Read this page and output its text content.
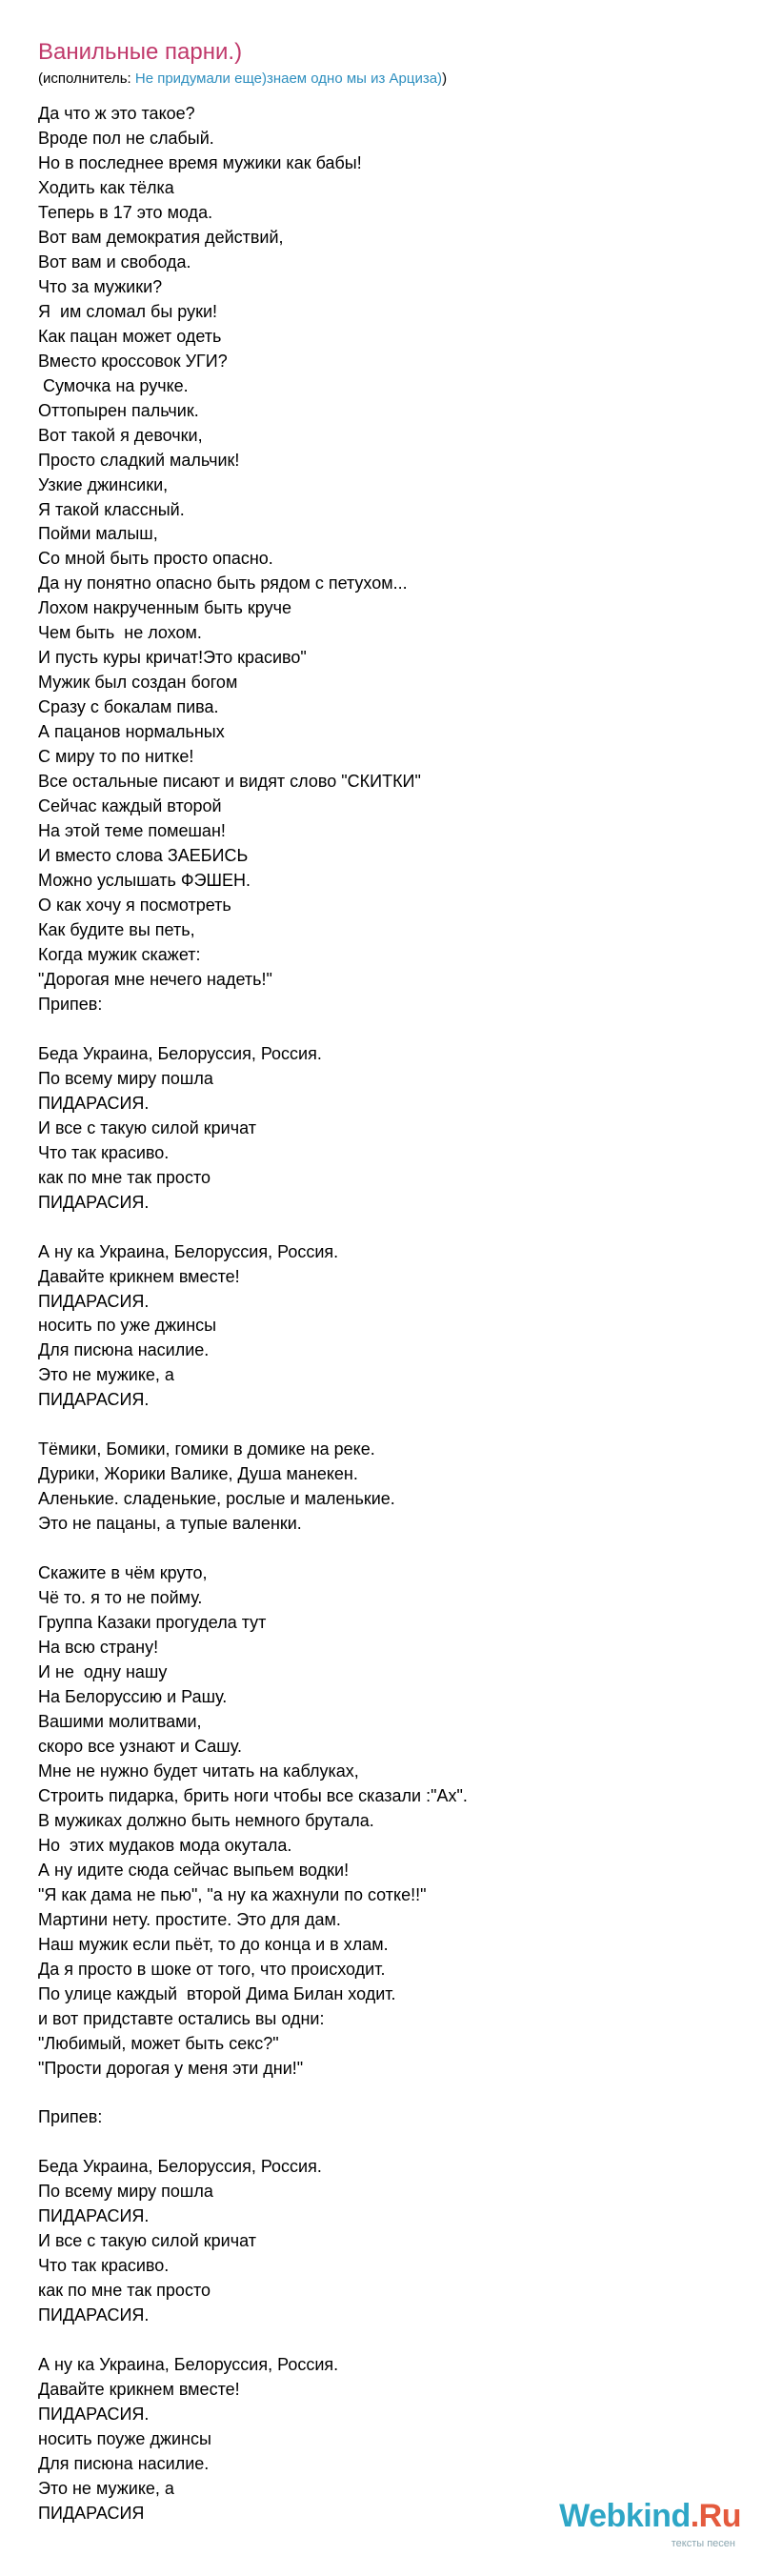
Ванильные парни.)
(исполнитель: Не придумали еще)знаем одно мы из Арциза))
Да что ж это такое?
Вроде пол не слабый.
Но в последнее время мужики как бабы!
Ходить как тёлка
Теперь в 17 это мода.
Вот вам демократия действий,
Вот вам и свобода.
Что за мужики?
Я  им сломал бы руки!
Как пацан может одеть
Вместо кроссовок УГИ?
Сумочка на ручке.
Оттопырен пальчик.
Вот такой я девочки,
Просто сладкий мальчик!
Узкие джинсики,
Я такой классный.
Пойми малыш,
Со мной быть просто опасно.
Да ну понятно опасно быть рядом с петухом...
Лохом накрученным быть круче
Чем быть  не лохом.
И пусть куры кричат!Это красиво"
Мужик был создан богом
Сразу с бокалам пива.
А пацанов нормальных
С миру то по нитке!
Все остальные писают и видят слово "СКИТКИ"
Сейчас каждый второй
На этой теме помешан!
И вместо слова ЗАЕБИСЬ
Можно услышать ФЭШЕН.
О как хочу я посмотреть
Как будите вы петь,
Когда мужик скажет:
"Дорогая мне нечего надеть!"
Припев:
Беда Украина, Белоруссия, Россия.
По всему миру пошла
ПИДАРАСИЯ.
И все с такую силой кричат
Что так красиво.
как по мне так просто
ПИДАРАСИЯ.
А ну ка Украина, Белоруссия, Россия.
Давайте крикнем вместе!
ПИДАРАСИЯ.
носить по уже джинсы
Для писюна насилие.
Это не мужике, а
ПИДАРАСИЯ.
Тёмики, Бомики, гомики в домике на реке.
Дурики, Жорики Валике, Душа манекен.
Аленькие. сладенькие, рослые и маленькие.
Это не пацаны, а тупые валенки.
Скажите в чём круто,
Чё то. я то не пойму.
Группа Казаки прогудела тут
На всю страну!
И не  одну нашу
На Белоруссию и Рашу.
Вашими молитвами,
скоро все узнают и Сашу.
Мне не нужно будет читать на каблуках,
Строить пидарка, брить ноги чтобы все сказали :"Ах".
В мужиках должно быть немного брутала.
Но  этих мудаков мода окутала.
А ну идите сюда сейчас выпьем водки!
"Я как дама не пью", "а ну ка жахнули по сотке!!"
Мартини нету. простите. Это для дам.
Наш мужик если пьёт, то до конца и в хлам.
Да я просто в шоке от того, что происходит.
По улице каждый  второй Дима Билан ходит.
и вот придставте остались вы одни:
"Любимый, может быть секс?"
"Прости дорогая у меня эти дни!"
Припев:
Беда Украина, Белоруссия, Россия.
По всему миру пошла
ПИДАРАСИЯ.
И все с такую силой кричат
Что так красиво.
как по мне так просто
ПИДАРАСИЯ.
А ну ка Украина, Белоруссия, Россия.
Давайте крикнем вместе!
ПИДАРАСИЯ.
носить поуже джинсы
Для писюна насилие.
Это не мужике, а
ПИДАРАСИЯ	Webkind.Ru
тексты песен
